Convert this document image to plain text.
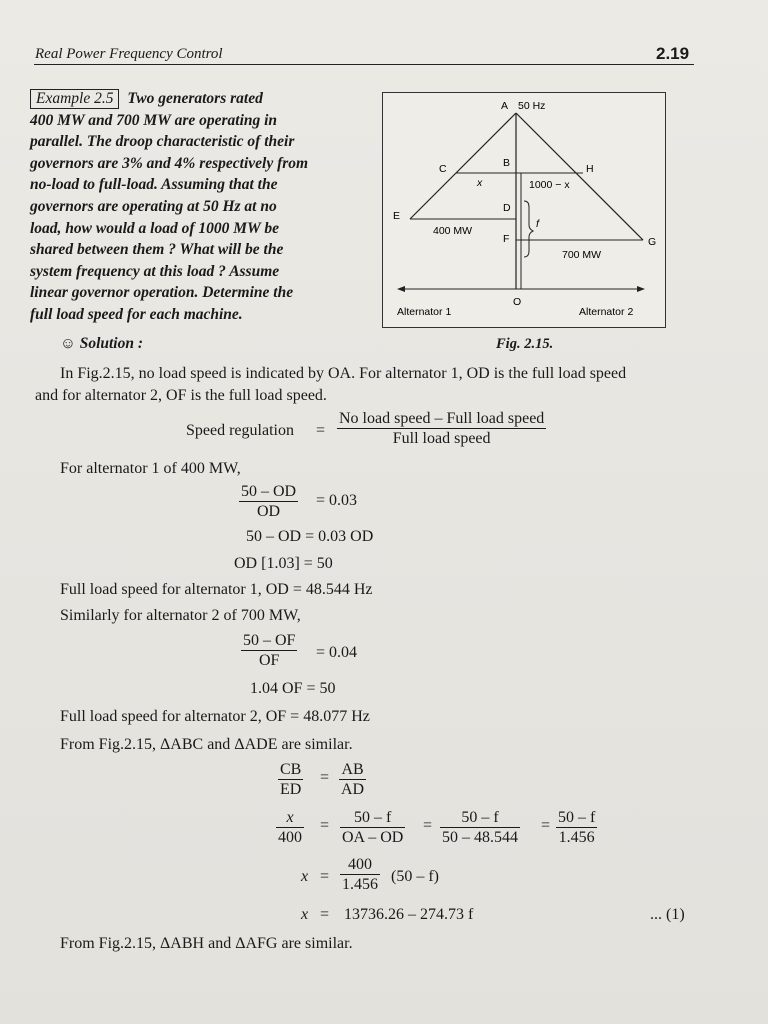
Real Power Frequency Control	2.19
Example 2.5 Two generators rated
400 MW and 700 MW are operating in
parallel. The droop characteristic of their
governors are 3% and 4% respectively from
no-load to full-load. Assuming that the
governors are operating at 50 Hz at no
load, how would a load of 1000 MW be
shared between them ? What will be the
system frequency at this load ? Assume
linear governor operation. Determine the
full load speed for each machine.
A 50 Hz
B
C	H
x	1000 − x
D
E
f
F	G
O
400 MW
700 MW
Alternator 1	Alternator 2
Fig. 2.15.
☺ Solution :
In Fig.2.15, no load speed is indicated by OA. For alternator 1, OD is the full load speed
and for alternator 2, OF is the full load speed.
Speed regulation =
No load speed – Full load speed
Full load speed
For alternator 1 of 400 MW,
$\frac{50 - OD}{OD} = 0.03$
50 – OD = 0.03 OD
OD [1.03] = 50
Full load speed for alternator 1, OD = 48.544 Hz
Similarly for alternator 2 of 700 MW,
$\frac{50 - OF}{OF} = 0.04$
1.04 OF = 50
Full load speed for alternator 2, OF = 48.077 Hz
From Fig.2.15, ΔABC and ΔADE are similar.
$\frac{CB}{ED} = \frac{AB}{AD}$
$\frac{x}{400} = \frac{50 - f}{OA - OD} = \frac{50 - f}{50 - 48.544} = \frac{50 - f}{1.456}$
$x = \frac{400}{1.456} (50 - f)$
x = 13736.26 – 274.73 f	... (1)
From Fig.2.15, ΔABH and ΔAFG are similar.
